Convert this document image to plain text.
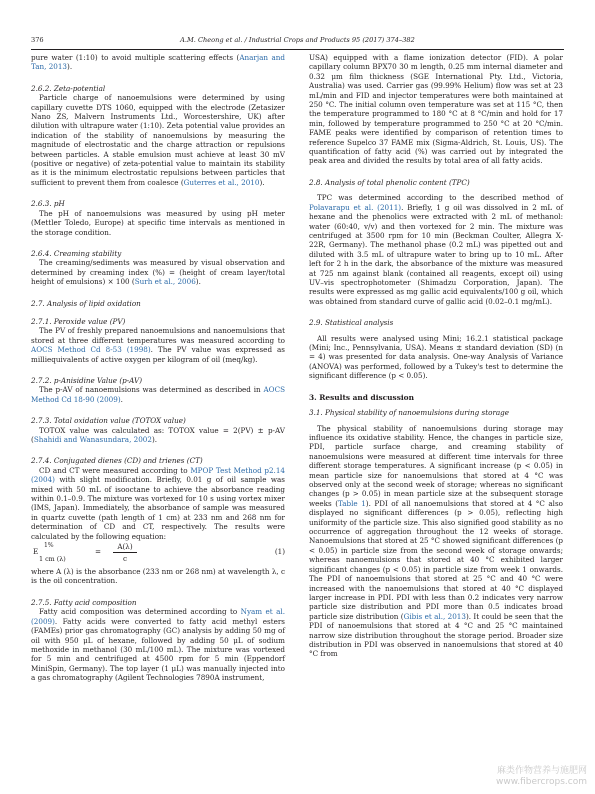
376	A.M. Cheong et al. / Industrial Crops and Products 95 (2017) 374–382

pure water (1:10) to avoid multiple scattering effects (Anarjan and Tan, 2013).

2.6.2. Zeta-potential

Particle charge of nanoemulsions were determined by using capillary cuvette DTS 1060, equipped with the electrode (Zetasizer Nano ZS, Malvern Instruments Ltd., Worcestershire, UK) after dilution with ultrapure water (1:10). Zeta potential value provides an indication of the stability of nanoemulsions by measuring the magnitude of electrostatic and the charge attraction or repulsions between particles. A stable emulsion must achieve at least 30 mV (positive or negative) of zeta-potential value to maintain its stability as it is the minimum electrostatic repulsions between particles that sufficient to prevent them from coalesce (Guterres et al., 2010).

2.6.3. pH

The pH of nanoemulsions was measured by using pH meter (Mettler Toledo, Europe) at specific time intervals as mentioned in the storage condition.

2.6.4. Creaming stability

The creaming/sediments was measured by visual observation and determined by creaming index (%) = (height of cream layer/total height of emulsions) × 100 (Surh et al., 2006).

2.7. Analysis of lipid oxidation
2.7.1. Peroxide value (PV)

The PV of freshly prepared nanoemulsions and nanoemulsions that stored at three different temperatures was measured according to AOCS Method Cd 8-53 (1998). The PV value was expressed as milliequivalents of active oxygen per kilogram of oil (meq/kg).

2.7.2. p-Anisidine Value (p-AV)

The p-AV of nanoemulsions was determined as described in AOCS Method Cd 18-90 (2009).

2.7.3. Total oxidation value (TOTOX value)

TOTOX value was calculated as: TOTOX value = 2(PV) ± p-AV (Shahidi and Wanasundara, 2002).

2.7.4. Conjugated dienes (CD) and trienes (CT)

CD and CT were measured according to MPOP Test Method p2.14 (2004) with slight modification. Briefly, 0.01 g of oil sample was mixed with 50 mL of isooctane to achieve the absorbance reading within 0.1–0.9. The mixture was vortexed for 10 s using vortex mixer (IMS, Japan). Immediately, the absorbance of sample was measured in quartz cuvette (path length of 1 cm) at 233 nm and 268 nm for determination of CD and CT, respectively. The results were calculated by the following equation:

E
1%
1 cm (λ)
= $\frac{A(\lambda)}{c}$	(1)

where A (λ) is the absorbance (233 nm or 268 nm) at wavelength λ, c is the oil concentration.

2.7.5. Fatty acid composition

Fatty acid composition was determined according to Nyam et al. (2009). Fatty acids were converted to fatty acid methyl esters (FAMEs) prior gas chromatography (GC) analysis by adding 50 mg of oil with 950 μL of hexane, followed by adding 50 μL of sodium methoxide in methanol (30 mL/100 mL). The mixture was vortexed for 5 min and centrifuged at 4500 rpm for 5 min (Eppendorf MiniSpin, Germany). The top layer (1 μL) was manually injected into a gas chromatography (Agilent Technologies 7890A instrument,

USA) equipped with a flame ionization detector (FID). A polar capillary column BPX70 30 m length, 0.25 mm internal diameter and 0.32 μm film thickness (SGE International Pty. Ltd., Victoria, Australia) was used. Carrier gas (99.99% Helium) flow was set at 23 mL/min and FID and injector temperatures were both maintained at 250 °C. The initial column oven temperature was set at 115 °C, then the temperature programmed to 180 °C at 8 °C/min and hold for 17 min, followed by temperature programmed to 250 °C at 20 °C/min. FAME peaks were identified by comparison of retention times to reference Supelco 37 FAME mix (Sigma-Aldrich, St. Louis, US). The quantification of fatty acid (%) was carried out by integrated the peak area and divided the results by total area of all fatty acids.

2.8. Analysis of total phenolic content (TPC)

TPC was determined according to the described method of Polavarapu et al. (2011). Briefly, 1 g oil was dissolved in 2 mL of hexane and the phenolics were extracted with 2 mL of methanol: water (60:40, v/v) and then vortexed for 2 min. The mixture was centrifuged at 3500 rpm for 10 min (Beckman Coulter, Allegra X-22R, Germany). The methanol phase (0.2 mL) was pipetted out and diluted with 3.5 mL of ultrapure water to bring up to 10 mL. After left for 2 h in the dark, the absorbance of the mixture was measured at 725 nm against blank (contained all reagents, except oil) using UV–vis spectrophotometer (Shimadzu Corporation, Japan). The results were expressed as mg gallic acid equivalents/100 g oil, which was obtained from standard curve of gallic acid (0.02–0.1 mg/mL).

2.9. Statistical analysis

All results were analysed using Mini; 16.2.1 statistical package (Mini; Inc., Pennsylvania, USA). Means ± standard deviation (SD) (n = 4) was presented for data analysis. One-way Analysis of Variance (ANOVA) was performed, followed by a Tukey's test to determine the significant difference (p < 0.05).

3. Results and discussion
3.1. Physical stability of nanoemulsions during storage

The physical stability of nanoemulsions during storage may influence its oxidative stability. Hence, the changes in particle size, PDI, particle surface charge, and creaming stability of nanoemulsions were measured at different time intervals for three different storage temperatures. A significant increase (p < 0.05) in mean particle size for nanoemulsions that stored at 4 °C was observed only at the second week of storage; whereas no significant changes (p > 0.05) in mean particle size at the subsequent storage weeks (Table 1). PDI of all nanoemulsions that stored at 4 °C also displayed no significant differences (p > 0.05), reflecting high uniformity of the particle size. This also signified good stability as no occurrence of aggregation throughout the 12 weeks of storage. Nanoemulsions that stored at 25 °C showed significant differences (p < 0.05) in particle size from the second week of storage onwards; whereas nanoemulsions that stored at 40 °C exhibited larger significant changes (p < 0.05) in particle size from week 1 onwards. The PDI of nanoemulsions that stored at 25 °C and 40 °C were increased with the nanoemulsions that stored at 40 °C displayed larger increase in PDI. PDI with less than 0.2 indicates very narrow particle size distribution and PDI more than 0.5 indicates broad particle size distribution (Gibis et al., 2013). It could be seen that the PDI of nanoemulsions that stored at 4 °C and 25 °C maintained narrow size distribution throughout the storage period. Broader size distribution in PDI was observed in nanoemulsions that stored at 40 °C from

麻类作物营养与施肥网
www.fibercrops.com
